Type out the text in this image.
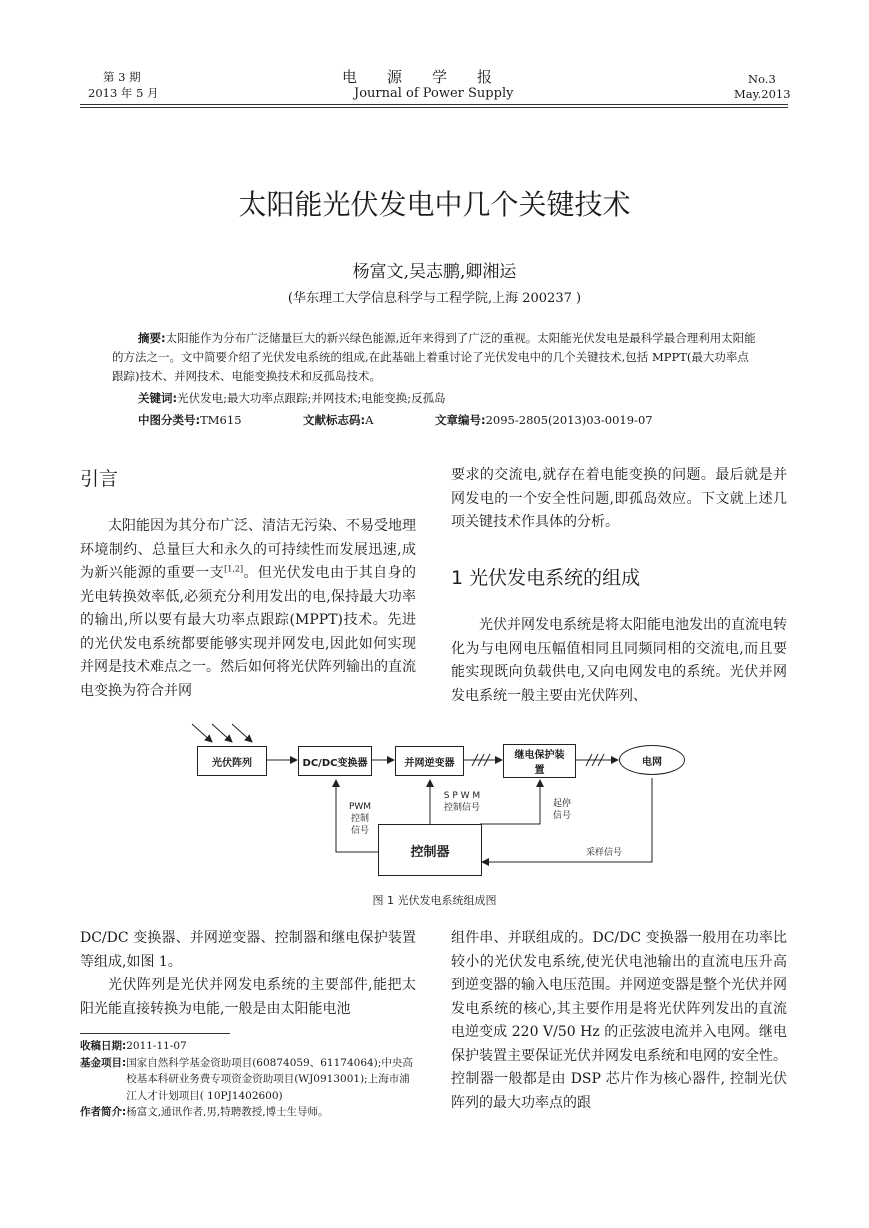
第 3 期
2013 年 5 月
电源学报
Journal of Power Supply
No.3
May.2013
太阳能光伏发电中几个关键技术
杨富文,吴志鹏,卿湘运
(华东理工大学信息科学与工程学院,上海 200237 )
摘要:太阳能作为分布广泛储量巨大的新兴绿色能源,近年来得到了广泛的重视。太阳能光伏发电是最科学最合理利用太阳能的方法之一。文中简要介绍了光伏发电系统的组成,在此基础上着重讨论了光伏发电中的几个关键技术,包括 MPPT(最大功率点跟踪)技术、并网技术、电能变换技术和反孤岛技术。
关键词:光伏发电;最大功率点跟踪;并网技术;电能变换;反孤岛
中图分类号:TM615	文献标志码:A	文章编号:2095-2805(2013)03-0019-07
引言

太阳能因为其分布广泛、清洁无污染、不易受地理环境制约、总量巨大和永久的可持续性而发展迅速,成为新兴能源的重要一支[1,2]。但光伏发电由于其自身的光电转换效率低,必须充分利用发出的电,保持最大功率的输出,所以要有最大功率点跟踪(MPPT)技术。先进的光伏发电系统都要能够实现并网发电,因此如何实现并网是技术难点之一。然后如何将光伏阵列输出的直流电变换为符合并网

要求的交流电,就存在着电能变换的问题。最后就是并网发电的一个安全性问题,即孤岛效应。下文就上述几项关键技术作具体的分析。

1 光伏发电系统的组成

光伏并网发电系统是将太阳能电池发出的直流电转化为与电网电压幅值相同且同频同相的交流电,而且要能实现既向负载供电,又向电网发电的系统。光伏并网发电系统一般主要由光伏阵列、

光伏阵列	DC/DC变换器	并网逆变器
继电保护装置
电网
控制器
PWM
控制
信号
S P W M
控制信号	起停
信号
采样信号
图 1 光伏发电系统组成图

DC/DC 变换器、并网逆变器、控制器和继电保护装置等组成,如图 1。

光伏阵列是光伏并网发电系统的主要部件,能把太阳光能直接转换为电能,一般是由太阳能电池

收稿日期:2011-11-07
基金项目: 国家自然科学基金资助项目(60874059、61174064);中央高校基本科研业务费专项资金资助项目(WJ0913001);上海市浦江人才计划项目( 10PJ1402600)
作者简介:杨富文,通讯作者,男,特聘教授,博士生导师。

组件串、并联组成的。DC/DC 变换器一般用在功率比较小的光伏发电系统,使光伏电池输出的直流电压升高到逆变器的输入电压范围。并网逆变器是整个光伏并网发电系统的核心,其主要作用是将光伏阵列发出的直流电逆变成 220 V/50 Hz 的正弦波电流并入电网。继电保护装置主要保证光伏并网发电系统和电网的安全性。控制器一般都是由 DSP 芯片作为核心器件, 控制光伏阵列的最大功率点的跟
